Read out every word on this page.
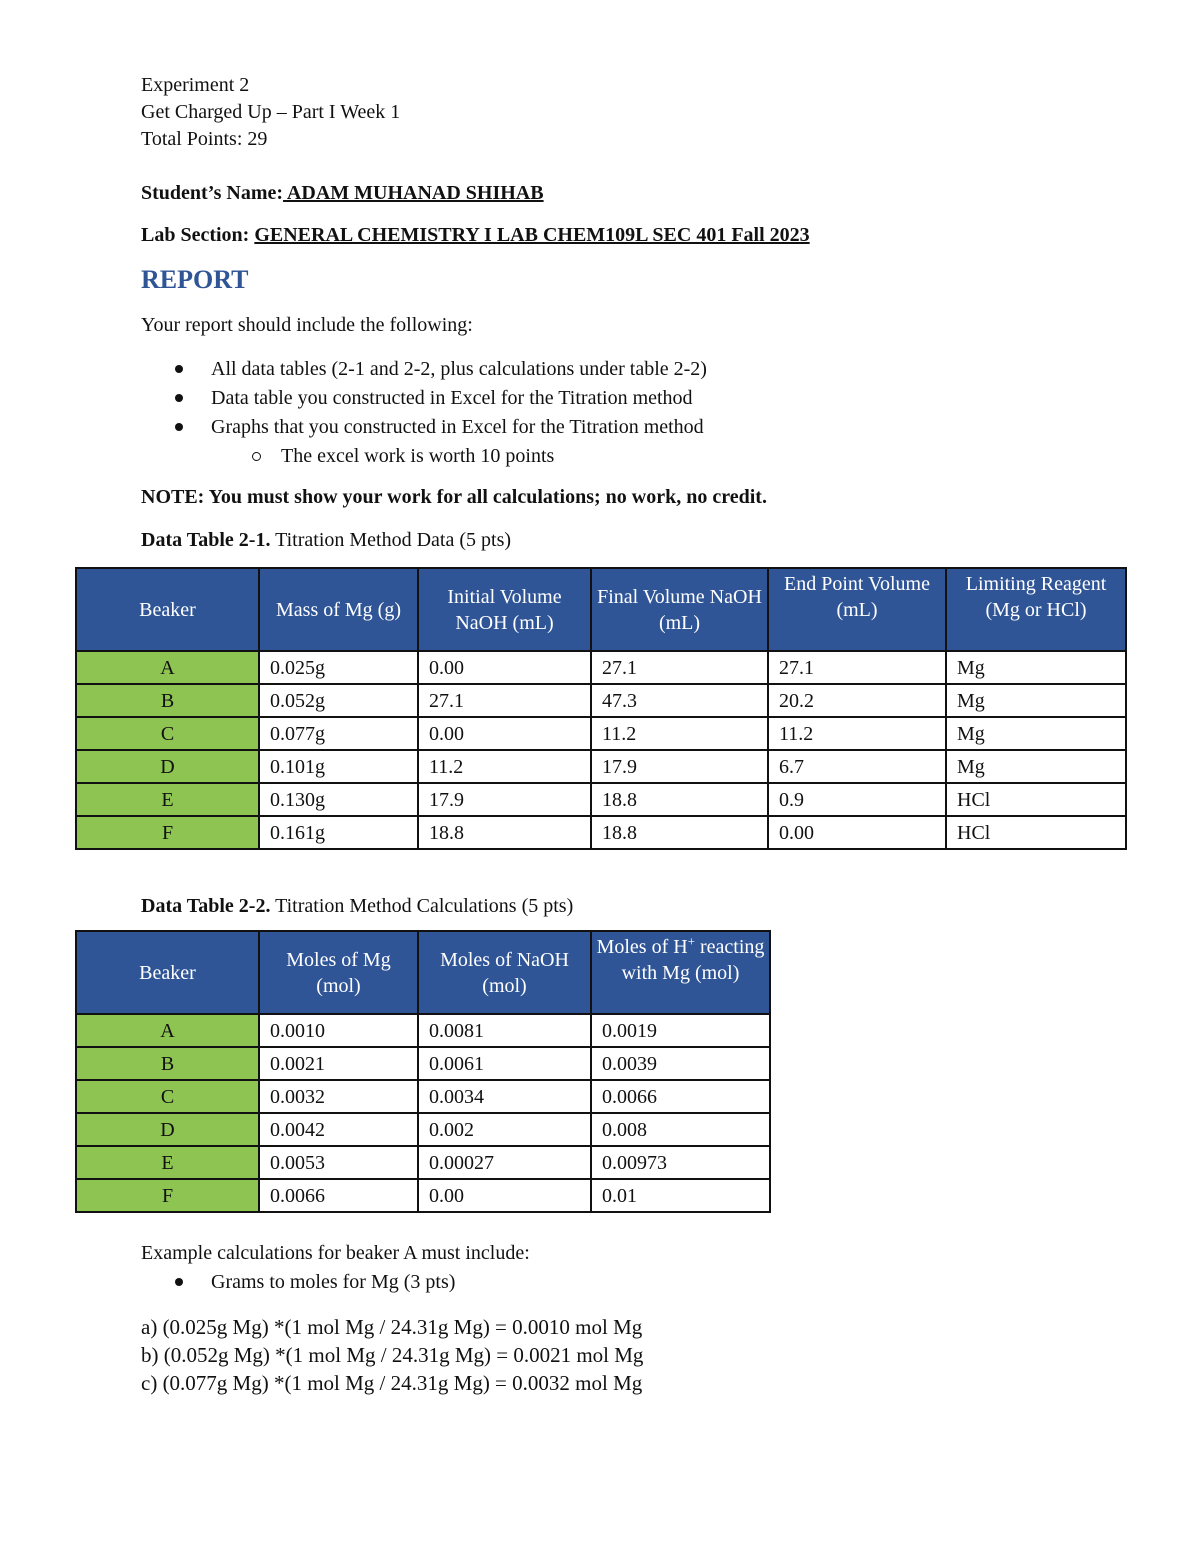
Experiment 2

Get Charged Up – Part I Week 1

Total Points: 29

Student’s Name: ADAM MUHANAD SHIHAB

Lab Section: GENERAL CHEMISTRY I LAB CHEM109L SEC 401 Fall 2023

REPORT

Your report should include the following:

All data tables (2-1 and 2-2, plus calculations under table 2-2)
Data table you constructed in Excel for the Titration method
Graphs that you constructed in Excel for the Titration method
The excel work is worth 10 points

NOTE: You must show your work for all calculations; no work, no credit.

Data Table 2-1. Titration Method Data (5 pts)

Beaker	Mass of Mg (g)	Initial Volume NaOH (mL)	Final Volume NaOH (mL)	End Point Volume (mL)	Limiting Reagent (Mg or HCl)
A	0.025g	0.00	27.1	27.1	Mg
B	0.052g	27.1	47.3	20.2	Mg
C	0.077g	0.00	11.2	11.2	Mg
D	0.101g	11.2	17.9	6.7	Mg
E	0.130g	17.9	18.8	0.9	HCl
F	0.161g	18.8	18.8	0.00	HCl

Data Table 2-2. Titration Method Calculations (5 pts)

Beaker	Moles of Mg (mol)	Moles of NaOH (mol)	Moles of H+ reacting with Mg (mol)
A	0.0010	0.0081	0.0019
B	0.0021	0.0061	0.0039
C	0.0032	0.0034	0.0066
D	0.0042	0.002	0.008
E	0.0053	0.00027	0.00973
F	0.0066	0.00	0.01

Example calculations for beaker A must include:

Grams to moles for Mg (3 pts)

a) (0.025g Mg) *(1 mol Mg / 24.31g Mg) = 0.0010 mol Mg

b) (0.052g Mg) *(1 mol Mg / 24.31g Mg) = 0.0021 mol Mg

c) (0.077g Mg) *(1 mol Mg / 24.31g Mg) = 0.0032 mol Mg
